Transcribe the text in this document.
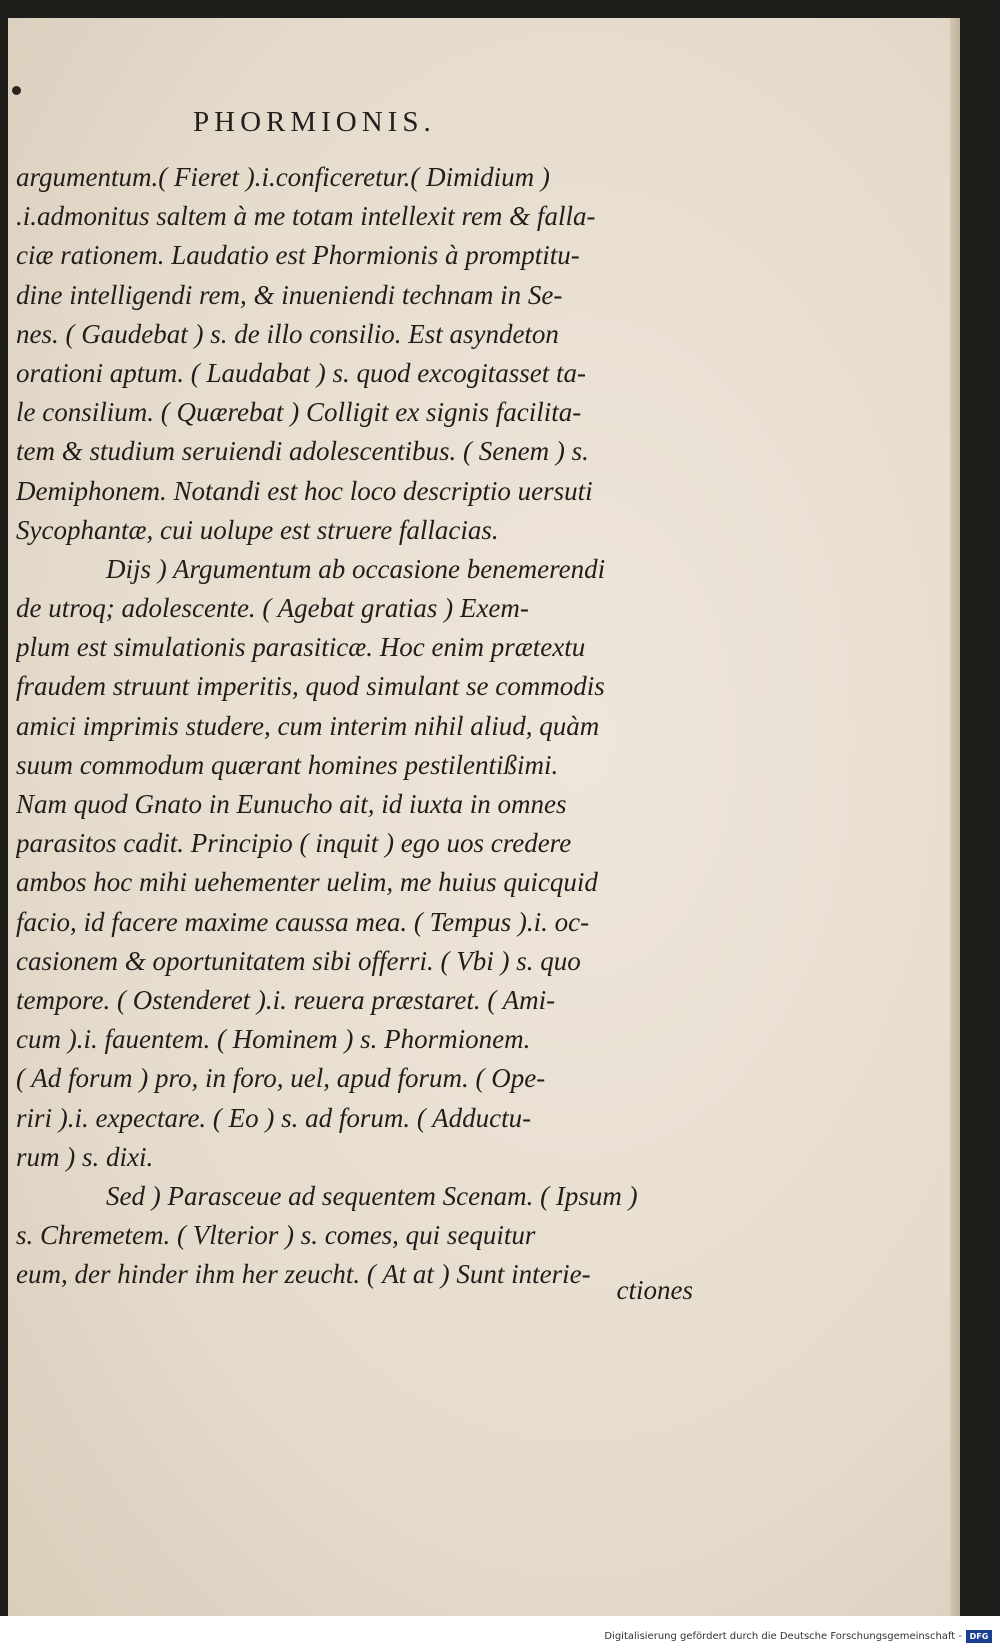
PHORMIONIS.
argumentum.( Fieret ).i.conficeretur.( Dimidium )
.i.admonitus saltem à me totam intellexit rem & falla-
ciæ rationem. Laudatio est Phormionis à promptitu-
dine intelligendi rem, & inueniendi technam in Se-
nes. ( Gaudebat ) s. de illo consilio. Est asyndeton
orationi aptum. ( Laudabat ) s. quod excogitasset ta-
le consilium. ( Quærebat ) Colligit ex signis facilita-
tem & studium seruiendi adolescentibus. ( Senem ) s.
Demiphonem. Notandi est hoc loco descriptio uersuti
Sycophantæ, cui uolupe est struere fallacias.
Dijs ) Argumentum ab occasione benemerendi
de utroq; adolescente. ( Agebat gratias ) Exem-
plum est simulationis parasiticæ. Hoc enim prætextu
fraudem struunt imperitis, quod simulant se commodis
amici imprimis studere, cum interim nihil aliud, quàm
suum commodum quærant homines pestilentißimi.
Nam quod Gnato in Eunucho ait, id iuxta in omnes
parasitos cadit. Principio ( inquit ) ego uos credere
ambos hoc mihi uehementer uelim, me huius quicquid
facio, id facere maxime caussa mea. ( Tempus ).i. oc-
casionem & oportunitatem sibi offerri. ( Vbi ) s. quo
tempore. ( Ostenderet ).i. reuera præstaret. ( Ami-
cum ).i. fauentem. ( Hominem ) s. Phormionem.
( Ad forum ) pro, in foro, uel, apud forum. ( Ope-
riri ).i. expectare. ( Eo ) s. ad forum. ( Adductu-
rum ) s. dixi.
Sed ) Parasceue ad sequentem Scenam. ( Ipsum )
s. Chremetem. ( Vlterior ) s. comes, qui sequitur
eum, der hinder ihm her zeucht. ( At at ) Sunt interie-
ctiones
Digitalisierung gefördert durch die Deutsche Forschungsgemeinschaft - DFG
